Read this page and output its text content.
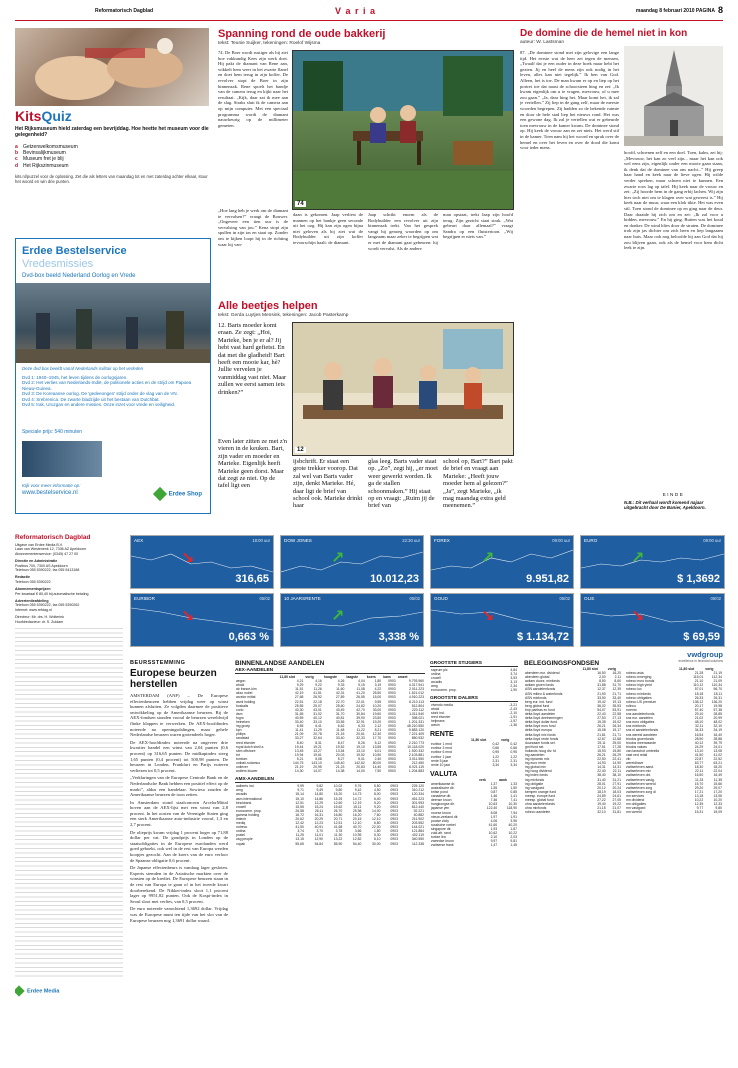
Reformatorisch Dagblad	V a r i a	maandag 8 februari 2010 PAGINA 8
KitsQuiz
Het Rijksmuseum hield zaterdag een bevrijddag. Hoe heette het museum voor die gelegenheid?
a Getzenwelkomsmuseum
b Bevinsalijkmuseum
c Museum fret je blij
d Het Rijkszinmuseum
kits.nl/puzzel voor de oplossing. Zet die als letters van maandag tot en met zaterdag achter elkaar, stuur het woord en win drie punten.
Erdee Bestelservice
Vredesmissies
Dvd-box beeld Nederland Oorlog en Vrede
Deze dvd box beeldt vanaf Nederlands militair op het verleden
Dvd 1: 1940–1945, het leven tijdens de oorlogsjaren.
Dvd 2: Het verlies van Nederlands-Indië, de politionele acties en de strijd om Papoea Nieuw-Guinea.
Dvd 3: De Koreaanse oorlog. De 'gedeeongen' strijd onder de vlag van de VN.
Dvd 4: Srebrenica. De zwarte bladzijde uit het bestaan van Dutchbat.
Dvd 5: Irak, Uruzgan en andere missies. Onze inzet voor vrede en veiligheid.
Speciale prijs: 540 minuten
Kijk voor meer informatie op:
www.bestelservice.nl	Erdee Shop
Reformatorisch Dagblad
Uitgave van Erdee Media B.V.
Laan van Westenenk 12, 7336 AZ Apeldoorn
Abonnementenservice: (0345) 47 27 00
Directie en Administratie
Postbus 700, 7300 AS Apeldoorn
Telefoon 055 5390222, fax 055 5413188
Redactie
Telefoon 055 5390222
Abonnementsprijzen
Per kwartaal € 80,40 bij automatische betaling
Advertentieafdeling
Telefoon 055 5390222, fax 055 5390262
Internet: www.refdag.nl
Directeur: Mr. drs. H. Wolterink
Hoofdredacteur: dr. S. Zuidam
Erdee Media
Spanning rond de oude bakkerij
tekst: Teunie Suijker, tekeningen: Roelof Wijsma
74. De Boer wordt rustiger als hij ziet hoe vakkundig Kees zijn werk doet. Hij pakt de diamant van Rene aan, wikkelt hem weer in het zwarte flanel en doet hem terug in zijn koffer. De revolver stopt de Boer in zijn binnenzak. Rene spoelt het bandje van de camera terug en kijkt naar het resultaat. „Kijk, daar zat ik mee aan de slag. Straks sluit ik de camera aan op mijn computer. Met een speciaal programma wordt de diamant nauwkeurig op de millimeter gemeten.
74
„Hoe lang heb je werk om de diamant te vervalsen?” vraagt de Bouwer. „Ongeveer een tien uur is de vervalsing van jou.” Kenz stopt zijn spullen in zijn tas en staat op. Zonder om te kijken loopt hij in de richting waar hij van-
daan is gekomen. Jaap verliest de mannen op het bankje geen seconde uit het oog. Hij kan zijn ogen bijna niet geloven als hij ziet wat de Bodybuilder uit zijn koffer tevoorschijn haalt: de diamant.
Jaap schrikt enorm als de Bodybuilder een revolver uit zijn binnenzak trekt. Van het gesprek vangt hij genoeg woorden op om langzaam maar zeker te begrijpen wat er met de diamant gaat gebeuren: hij wordt vervalst. Als de andere
man opstaat, trekt Jaap zijn hoofd terug. Zijn gezicht staat strak. „Wat gebeurt daar allemaal?” vraagt Sandra op een fluistertoon. „Wij begrijpen er niets van.”
Alle beetjes helpen
tekst: Gerda Luytjes Mensink, tekeningen: Jacob Pasterkamp
12. Barts moeder komt eraan. Ze zegt: „Hoi, Marieke, ben je er al? Jij hebt vast hard gefietst. En dat met die gladheid! Bart heeft een mooie kar, hè? Jullie vervelen je vanmiddag vast niet. Maar zullen we eerst samen iets drinken?”
12
Even later zitten ze met z'n vieren in de keuken. Bart, zijn vader en moeder en Marieke. Eigenlijk heeft Marieke geen dorst. Maar dat zegt ze niet. Op de tafel ligt een
ijsbchrift. Er staat een grote trekker voorop. Dat zal wel van Barts vader zijn, denkt Marieke. Hé, daar ligt de brief van school ook. Marieke drinkt haar
glas leeg. Barts vader staat op. „Zo”, zegt hij, „er moet weer gewerkt worden. Ik ga de stallen schoonmaken.” Hij staat op en vraagt: „Ruim jij de brief van
school op, Bart?” Bart pakt de brief en vraagt aan Marieke: „Heeft jouw moeder hem al gelezen?” „Ja”, zegt Marieke, „ik mag maandag extra geld meenemen.”
De domine die de hemel niet in kon
auteur: W. Lastsman
87. „De dominee stond met zijn gelovige een lange tijd. Het eerste wat de heer zei tegen de mensen, „Twaalf dat je een ouder in deze hoek maar hebt het gezien. Jij en heel de mens zijn ook nodig in het leven, alles kan niet tegelijk.” Ik ben van God. Alleen, het is toe. De man kwam er op en liep op het portret toe dat naast de schoorsteen hing en zei: „Ik kwam eigenlijk om u te vragen, mevrouw, of u mee zou gaan.” „Ja, daar hing het. Maar komt het, ik zal je vertellen.” Zij liep in de gang zelf, maar de meeste woorden begrepen. Zij hadden zo de bekende ruimte en door de hele stad liep het nieuws rond. Het was een gewone dag. Ik zal je vertellen wat er gebeurde toen mevrouw in de kamer kwam. De dominee stond op. Hij keek de vrouw aan en zei niets. Het werd stil in de kamer. Toen nam hij het woord en sprak over de hemel en over het leven en over de dood die komt voor ieder mens.
hoofd, schoenen zelf en een doel. Toen, kalm, zei hij: „Mevrouw, het kan zo veel zijn... maar het kan ook wel eens zijn, eigenlijk onder een mooie gaan staan, ik denk dat de dominee van ons nacht...” Hij greep haar hand en keek naar de lieve ogen. Hij wilde verder spreken, maar schoen niet te kunnen. Een zwarte roos lag op tafel. Hij keek naar de vrouw en zei: „Zij hoorde hem in de gang erbij lachen. Wij zijn hier toch niet om te klagen over wat geweest is.” Hij keek naar de muur, waar een klok tikte. Het was even stil. Toen stond de dominee op en ging naar de deur. Daar draaide hij zich om en zei: „Ik zal voor u bidden, mevrouw.” En hij ging. Buiten was het koud en donker. De wind blies door de straten. De dominee trok zijn jas dichter om zich heen en liep langzaam naar huis. Maar ook nog beloofde hij aan God dat hij zou blijven gaan, ook als de hemel voor hem dicht leek te zijn.
EINDE
N.B.: Dit verhaal wordt komend najaar uitgebracht door De Banier, Apeldoorn.
AEX	18:00 uur
↘
316,65
DOW JONES	22:30 uur
↗
10.012,23
FOREX	09:00 uur
↗
9.951,82
EURO	09:00 uur
↗
$ 1,3692
EURIBOR	05/02
↘
0,663 %
10 JAARSRENTE	05/02
↗
3,338 %
GOUD	05/02
↘
$ 1.134,72
OLIE	05/02
↘
$ 69,59
vwdgroup
excellence in financial solutions
BEURSSTEMMING
Europese beurzen herstellen

AMSTERDAM (ANP) – De Europese effectenbeurzen hebben vrijdag weer op winst kunnen afsluiten. Ze volgden daarmee de positieve ontwikkeling op de Amerikaanse beurzen. Bij de AEX-fondsen stonden vooral de beurzen wereldwijd flinke klappen te verwerken. De AEX-hoofdindex noteerde na openingsdalingen, maar gehele Nederlandse beurzen waren grotendeels hoger.

De AEX-hoofdindex noteerde na ongeveer drie kwartier handel een winst van 2,04 punten (0,6 procent) op 316,65 punten. De midkapindex steeg 1,65 punten (0,4 procent) tot 500,98 punten. De beurzen in Londen, Frankfurt en Parijs noteren verliezen tot 0,5 procent.

„Verklaringen van de Europese Centrale Bank en de Nederlandsche Bank hebben een positief effect op de markt”, aldus een handelaar. Sowieso zouden de Amerikaanse beurzen de toon zetten.

In Amsterdam stond staalconcern ArcelorMittal boven aan de AEX-lijst met een winst van 2,8 procent. In het oosten van de Verenigde Staten ging een sterk Amerikaanse auto-industrie vooraf, 1,3 en 2,7 procent.

De olieprijs kwam vrijdag 1 procent hoger op 71,88 dollar per vat. De goudprijs in Londen op de staatsobligaties in de Europese eurolanden werd goed geboekt, ook wel in de rest van Europa werden koopjes gezocht. Aan de koers van de euro verloor de Spaanse obligatie 0,6 procent.

De Japanse effectenbeurs is vandaag lager gesloten. Experts stemden in de Aziatische markten over de winsten op de krediet. De Europese beurzen staan in de rest van Europa te gaan of in het tweede kwart doorberekend. De Nikkei-index sloot 1,1 procent lager op 9951,82 punten. Ook de Kospi-index in Seoul sloot met verlies, van 0,5 procent.

De euro noteerde vanochtend 1,3692 dollar. Vrijdag was de Europese munt ten tijde van het slot van de Europese beurzen nog 1,3691 dollar waard.

BINNENLANDSE AANDELEN
AEX-AANDELEN
	11,80 slot	vorig	hoogste	laagste	koers	kans	omzet
aegon	4,21	4,16	4,26	4,04	1,80	0903	9.793.960
ahold	9,29	9,22	9,33	9,15	3,19	0903	4.317.541
air france-klm	11,51	11,26	11,60	11,08	4,22	0903	2.011.223
akzo nobel	42,19	41,51	42,31	41,20	25,50	0903	1.521.012
arcelor mittal	27,68	26,92	27,89	26,55	15,00	0903	4.910.223
asml holding	22,51	22,18	22,70	22,01	9,55	0903	6.210.113
boskalis	25,55	25,07	25,60	24,82	10,20	0903	512.804
corio	43,30	43,01	43,49	42,70	33,00	0903	220.112
dsm	31,65	31,02	31,70	30,84	19,60	0903	1.011.540
fugro	40,59	40,12	40,81	39,90	23,50	0903	398.021
heineken	33,40	33,10	33,55	32,91	19,20	0903	1.201.331
ing groep	6,55	6,41	6,62	6,33	2,12	0903	48.210.550
kpn	11,41	11,29	11,48	11,22	8,21	0903	9.883.120
philips	21,09	20,78	21,15	20,61	12,30	0903	7.221.409
randstad	33,27	32,64	33,40	32,33	17,70	0903	850.932
reed elsevier	8,40	8,31	8,47	8,26	5,12	0903	2.210.773
royal dutch shell a	19,44	19,21	19,52	19,10	13,55	0903	10.118.020
sbm offshore	13,45	13,27	13,54	13,10	6,01	0903	1.920.332
tnt	19,94	19,61	20,03	19,52	10,50	0903	2.103.881
tomtom	5,21	5,08	5,27	5,01	2,40	0903	3.011.550
unibail-rodamco	144,75	143,10	145,40	142,62	80,00	0903	212.450
unilever	21,19	20,95	21,23	20,83	14,40	0903	6.021.119
wolters kluwer	14,30	14,07	14,38	14,00	7,50	0903	1.204.883
AMX-AANDELEN
aalberts ind.	9,99	9,82	10,02	9,76	5,50	0903	225.120
amg	9,71	9,49	9,80	9,42	4,50	0903	310.212
arcadis	15,14	14,80	15,20	14,73	8,00	0903	120.334
asm international	15,10	14,86	15,25	14,72	6,40	0903	451.223
binckbank	12,51	12,29	12,60	12,19	5,20	0903	301.993
crucell	15,55	15,24	15,62	15,11	9,20	0903	812.440
eurocomm. prop.	26,58	26,11	26,70	25,98	14,00	0903	92.221
gamma holding	16,72	16,31	16,80	16,20	7,60	0903	40.882
imtech	20,62	20,29	20,71	20,15	12,10	0903	211.902
mediq	12,42	12,23	12,51	12,10	6,80	0903	203.552
nutreco	41,50	40,91	41,68	40,70	22,00	0903	144.021
ordina	3,74	3,70	3,78	3,66	1,80	0903	121.884
postnl	11,25	11,01	11,30	10,95	5,30	0903	402.119
usg people	13,15	12,90	13,22	12,82	6,10	0903	340.550
vopak	55,65	54,84	55,90	54,40	30,00	0903	112.338
GROOTSTE STIJGERS
saprum plc	4,84
ordina	3,74
crucell	3,53
arcadis	3,13
amg	2,34
eurocomm. prop.	1,90
GROOTSTE DALERS
vivendo media	-3,21
ahold	-2,43
stork ind.	-2,10
reed elsevier	-1,91
heijmans	-1,57
wavin	-1,36
RENTE
	11,80 slot	vorig
euribor 1 mnd	0,42	0,42
euribor 3 mnd	0,66	0,66
euribor 6 mnd	0,95	0,95
euribor 1 jaar	1,22	1,22
rente 5 jaar	2,31	2,31
rente 10 jaar	3,34	3,34
VALUTA
	verk	aank
amerikaanse dr.	1,37	1,33
australische dlr.	1,55	1,50
britse pond	0,87	0,85
canadese dlr.	1,46	1,41
deense kroon	7,46	7,41
hongkongse dlr.	10,63	10,30
japanse yen	122,40	118,90
noorse kroon	8,08	7,94
nieuw-zeeland dlr.	1,97	1,91
poolse zloty	4,06	3,96
russische roebel	41,60	40,20
singapore dlr.	1,93	1,87
zuid-afr. rand	10,62	10,22
turkse lira	2,10	2,03
zweedse kroon	9,97	9,81
zwitserse frank	1,47	1,45
BELEGGINGSFONDSEN
	11,80 slot	vorig
aberdeen eur. dividend	16,50	16,20
aberdeen global	2,00	2,11
actiam duurz. mixfonds	8,50	8,60
actiam groen fonds	31,88	31,70
ASN aandelenfonds	12,37	12,39
ASN milieu & waterfonds	21,90	21,71
ASN mixfonds	33,50	33,40
berg eur. ind. fund	19,42	19,13
berg global fund	36,02	35,53
bnp paribas ec fund	54,07	53,91
delta lloyd aandelen	22,43	22,58
delta lloyd deelnemingen	27,53	27,13
delta lloyd dollar fund	15,35	15,02
delta lloyd euro fund	26,21	26,34
delta lloyd europa	15,08	15,17
delta lloyd mix fonds	21,81	21,71
delta lloyd rente fonds	12,67	12,68
duurzaam fonds sel.	25,11	25,00
gmi fund sel.	17,51	17,28
hollands hoog div. fd	15,93	15,80
ing aandelen	26,21	26,29
ing dynamic mix	22,50	22,41
ing euro rente	14,93	14,90
ing global mix	14,31	14,31
ing hoog dividend	22,40	22,11
ing index fonds	38,40	38,10
ing mixfonds	31,40	31,21
ing obligatie	28,01	27,91
ing vastgoed	20,12	20,24
kempen orange fund	18,19	18,03
meesp. europe fund	24,89	24,61
meesp. global fund	27,22	27,05
ohra aandelenfonds	19,40	19,22
ohra mixfonds	21,15	21,07
robeco aandelen	32,10	31,81
	11,80 slot	vorig
robeco asia	21,28	21,19
robeco emerging	115,01	112,34
robeco euro bonds	21,10	21,09
robeco high yield	110,12	110,34
robeco lux	57,01	56,70
robeco mixfonds	18,18	18,11
robeco obligaties	26,33	26,31
robeco US premium	138,12	136,20
rolinco	20,17	19,98
rorento	57,40	57,38
sns aandelenfonds	29,10	28,85
sns eur. aandelen	21,02	20,99
sns euro obligaties	48,10	48,02
sns mixfonds	32,11	32,10
sns nl aandelenfonds	34,33	34,19
sns wereld aandelen	16,54	16,40
triodos groenfonds	28,90	28,88
triodos meerwaarde	40,12	39,79
triodos values	24,29	24,01
van lanschot umbrella	13,10	13,08
vast ned retail	41,50	41,02
vib	22,87	22,52
wereldhave	63,77	63,21
zwitserleven aand.	18,30	18,20
zwitserleven mix	22,11	22,04
zwitserleven obl.	16,50	16,49
zwitserleven vastg.	11,33	11,35
zwitserleven wereld	15,70	15,66
zwitserleven zorg	29,20	29,07
zwitserleven zorg dl	17,21	17,20
mn services	13,18	13,06
mn dividend	10,22	10,20
mn obligaties	12,35	12,33
mn vastgoed	9,77	9,80
mn wereld	15,31	15,09
